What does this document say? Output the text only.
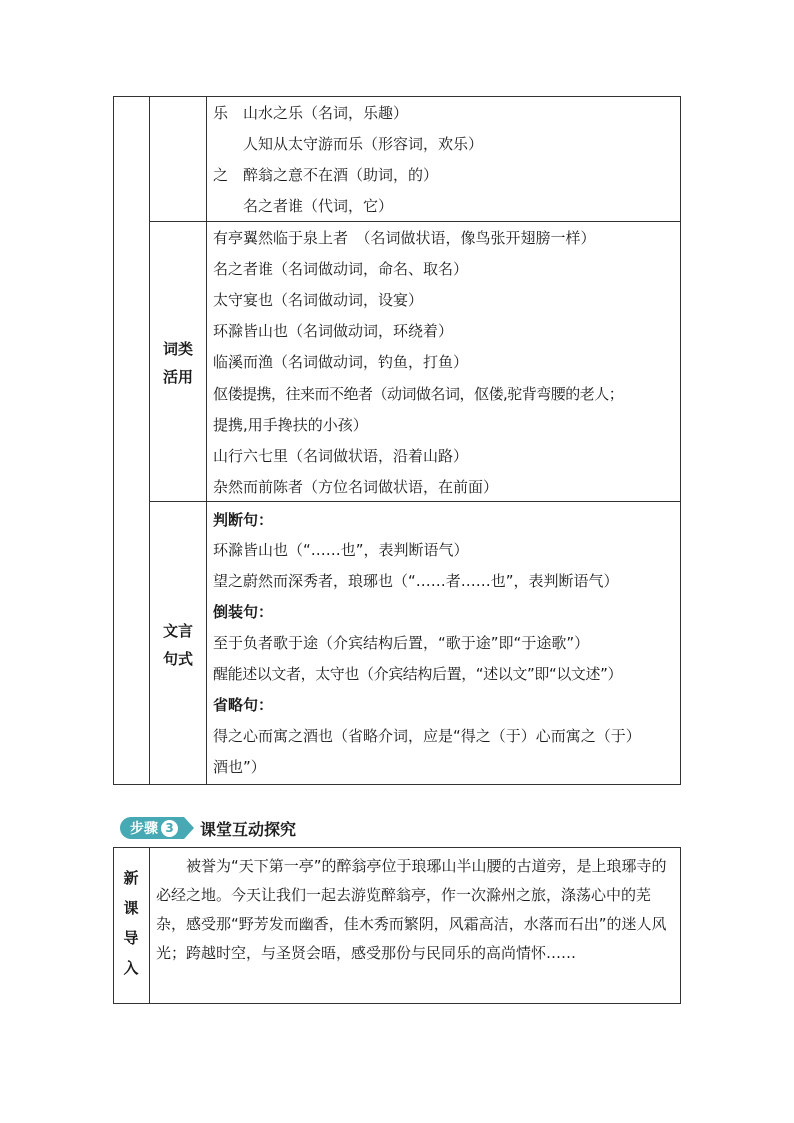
乐　山水之乐（名词，乐趣）
人知从太守游而乐（形容词，欢乐）
之　醉翁之意不在酒（助词，的）
名之者谁（代词，它）
词类
活用
有亭翼然临于泉上者　（名词做状语，像鸟张开翅膀一样）
名之者谁（名词做动词，命名、取名）
太守宴也（名词做动词，设宴）
环滁皆山也（名词做动词，环绕着）
临溪而渔（名词做动词，钓鱼，打鱼）
伛偻提携，往来而不绝者（动词做名词，伛偻,驼背弯腰的老人；
提携,用手搀扶的小孩）
山行六七里（名词做状语，沿着山路）
杂然而前陈者（方位名词做状语，在前面）
文言
句式
判断句：
环滁皆山也（“……也”，表判断语气）
望之蔚然而深秀者，琅琊也（“……者……也”，表判断语气）
倒装句：
至于负者歌于途（介宾结构后置，“歌于途”即“于途歌”）
醒能述以文者，太守也（介宾结构后置，“述以文”即“以文述”）
省略句：
得之心而寓之酒也（省略介词，应是“得之（于）心而寓之（于）
酒也”）
步骤 3 课堂互动探究
新
课
导
入
被誉为“天下第一亭”的醉翁亭位于琅琊山半山腰的古道旁，是上琅琊寺的必经之地。今天让我们一起去游览醉翁亭，作一次滁州之旅，涤荡心中的芜杂，感受那“野芳发而幽香，佳木秀而繁阴，风霜高洁，水落而石出”的迷人风光；跨越时空，与圣贤会晤，感受那份与民同乐的高尚情怀……
